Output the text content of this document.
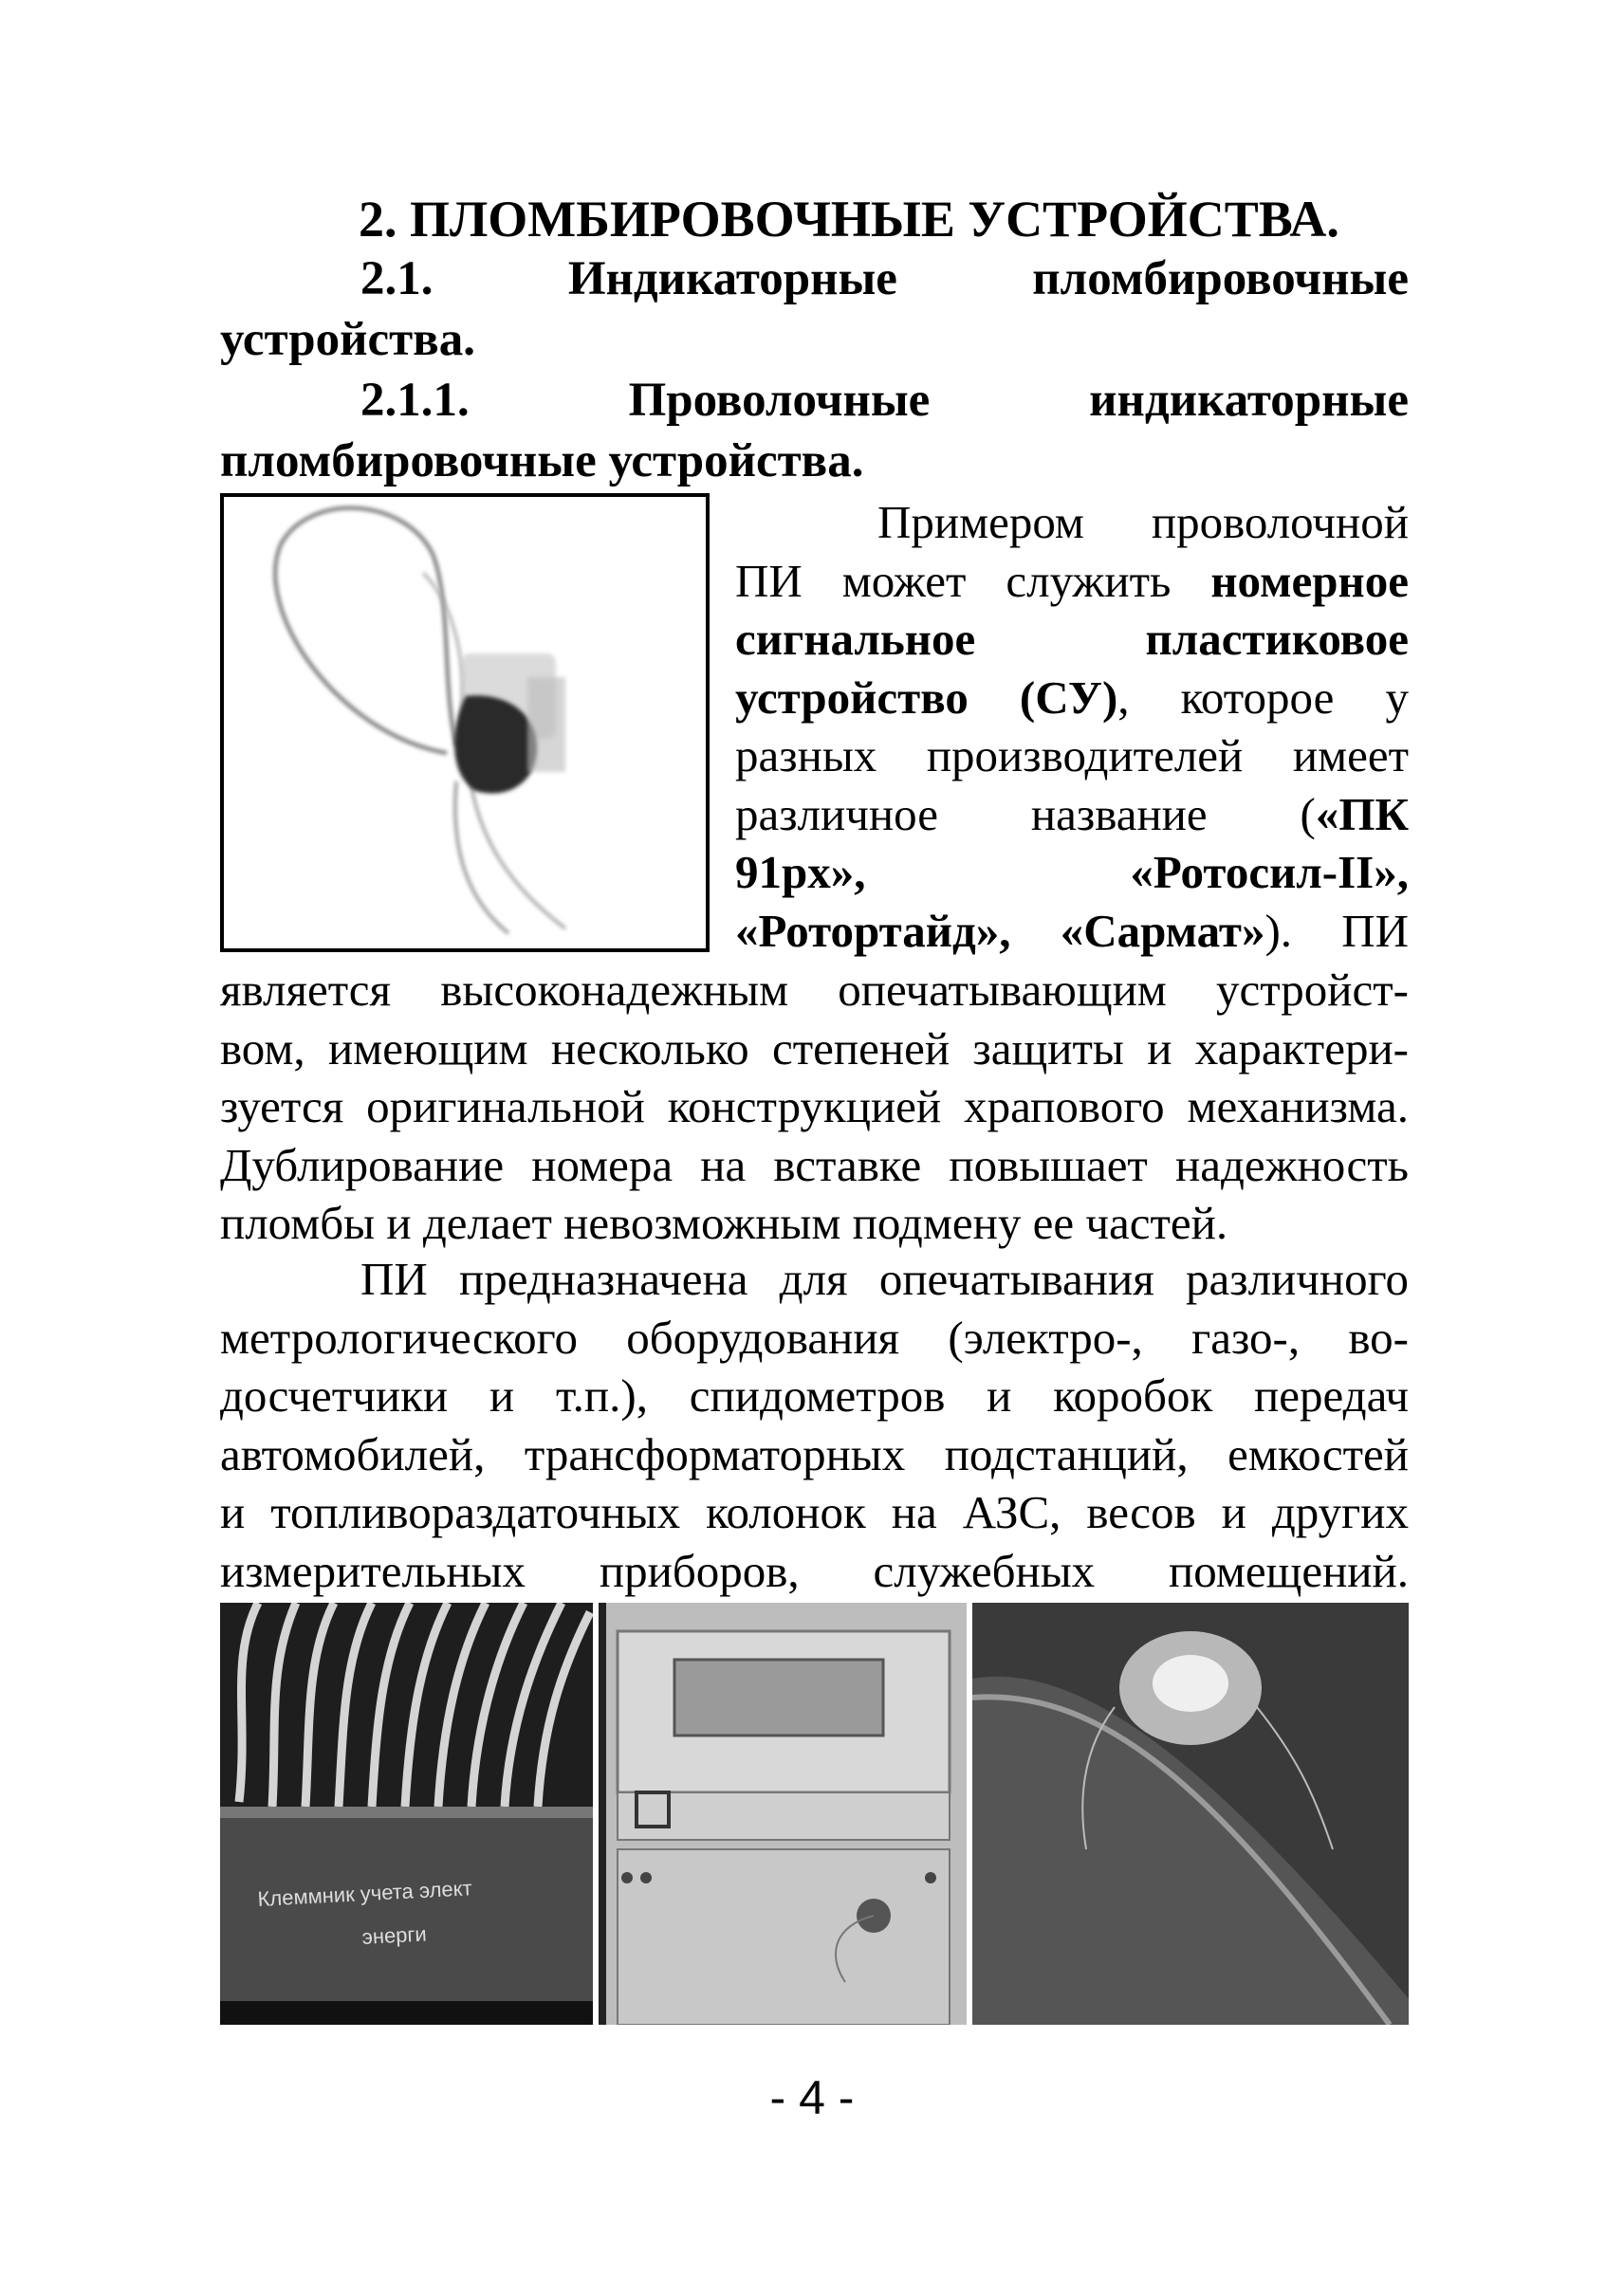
2. ПЛОМБИРОВОЧНЫЕ УСТРОЙСТВА.
2.1. Индикаторные пломбировочные устройства.
2.1.1. Проволочные индикаторные пломбировочные устройства.
Примером проволочной
ПИ может служить номерное
сигнальное пластиковое
устройство (СУ), которое у
разных производителей имеет
различное название («ПК
91рх», «Ротосил-II»,
«Ротортайд», «Сармат»). ПИ
является высоконадежным опечатывающим устройст-
вом, имеющим несколько степеней защиты и характери-
зуется оригинальной конструкцией храпового механизма.
Дублирование номера на вставке повышает надежность
пломбы и делает невозможным подмену ее частей.
ПИ предназначена для опечатывания различного
метрологического оборудования (электро-, газо-, во-
досчетчики и т.п.), спидометров и коробок передач
автомобилей, трансформаторных подстанций, емкостей
и топливораздаточных колонок на АЗС, весов и других
измерительных приборов, служебных помещений.
Клеммник учета элект
энерги
- 4 -
